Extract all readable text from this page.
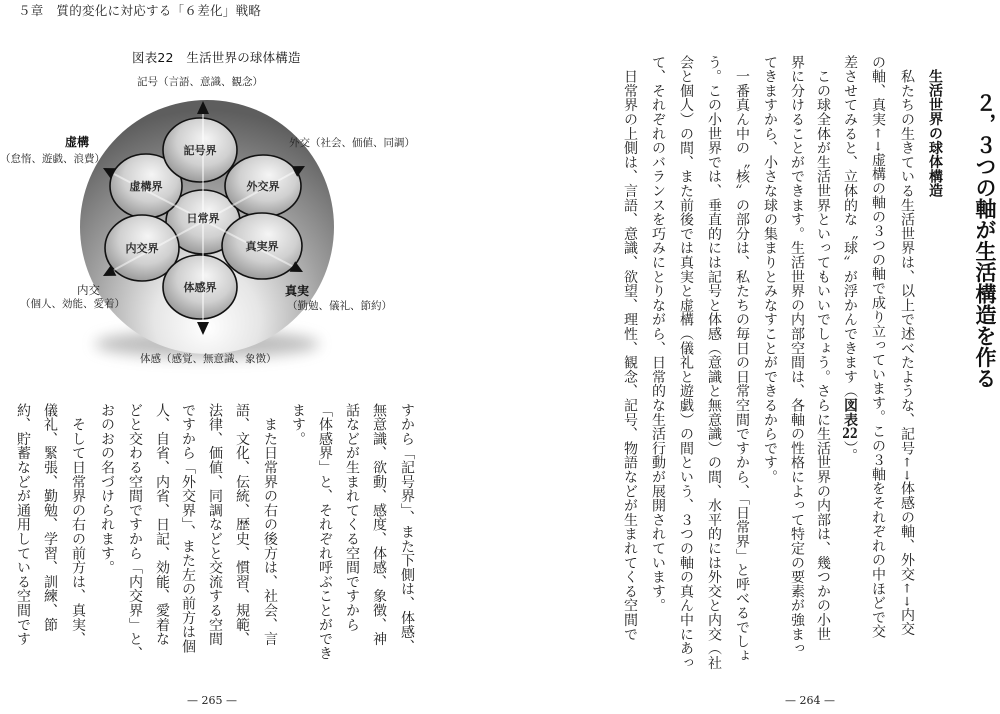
５章　質的変化に対応する「６差化」戦略
記号界
虚構界	外交界
日常界
内交界	真実界
体感界
図表22　生活世界の球体構造
記号（言語、意識、観念）
虚構
（怠惰、遊戯、浪費）
外交（社会、価値、同調）
内交
（個人、効能、愛着）
真実
（勤勉、儀礼、節約）
体感（感覚、無意識、象徴）
すから「記号界」、また下側は、体感、
無意識、欲動、感度、体感、象徴、神
話などが生まれてくる空間ですから
「体感界」と、それぞれ呼ぶことができ
ます。
　また日常界の右の後方は、社会、言
語、文化、伝統、歴史、慣習、規範、
法律、価値、同調などと交流する空間
ですから「外交界」、また左の前方は個
人、自省、内省、日記、効能、愛着な
どと交わる空間ですから「内交界」と、
おのおの名づけられます。
　そして日常界の右の前方は、真実、
儀礼、緊張、勤勉、学習、訓練、節
約、貯蓄などが通用している空間です
— 265 —
２，３つの軸が生活構造を作る
生活世界の球体構造
　私たちの生きている生活世界は、以上で述べたような、記号↑↓体感の軸、外交↑↓内交
の軸、真実↑↓虚構の軸の３つの軸で成り立っています。この３軸をそれぞれの中ほどで交
差させてみると、立体的な〝球〟が浮かんできます（図表22）。
　この球全体が生活世界といってもいいでしょう。さらに生活世界の内部は、幾つかの小世
界に分けることができます。生活世界の内部空間は、各軸の性格によって特定の要素が強まっ
てきますから、小さな球の集まりとみなすことができるからです。
　一番真ん中の〝核〟の部分は、私たちの毎日の日常空間ですから、「日常界」と呼べるでしょ
う。この小世界では、垂直的には記号と体感（意識と無意識）の間、水平的には外交と内交（社
会と個人）の間、また前後では真実と虚構（儀礼と遊戯）の間という、３つの軸の真ん中にあっ
て、それぞれのバランスを巧みにとりながら、日常的な生活行動が展開されています。
　日常界の上側は、言語、意識、欲望、理性、観念、記号、物語などが生まれてくる空間で
— 264 —
